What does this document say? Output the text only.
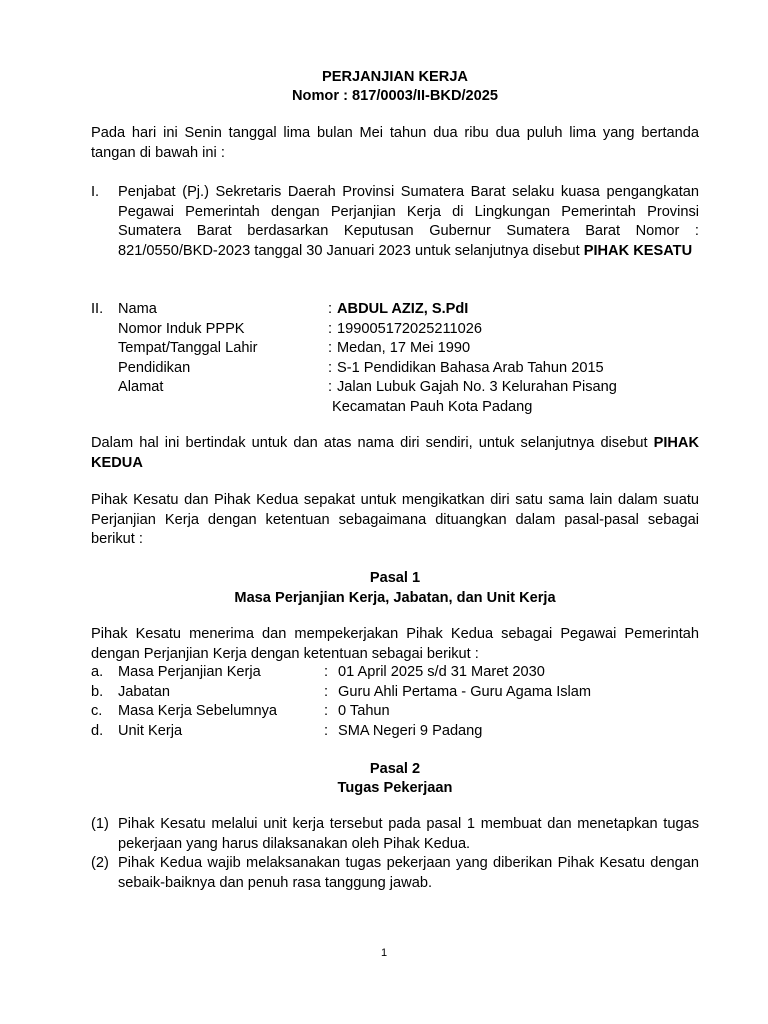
PERJANJIAN KERJA
Nomor : 817/0003/II-BKD/2025
Pada hari ini Senin tanggal lima bulan Mei tahun dua ribu dua puluh lima yang bertanda tangan di bawah ini :
I.	Penjabat (Pj.) Sekretaris Daerah Provinsi Sumatera Barat selaku kuasa pengangkatan Pegawai Pemerintah dengan Perjanjian Kerja di Lingkungan Pemerintah Provinsi Sumatera Barat berdasarkan Keputusan Gubernur Sumatera Barat Nomor : 821/0550/BKD-2023 tanggal 30 Januari 2023 untuk selanjutnya disebut PIHAK KESATU
II.	Nama	: ABDUL AZIZ, S.PdI
Nomor Induk PPPK	: 199005172025211026
Tempat/Tanggal Lahir	: Medan, 17 Mei 1990
Pendidikan	: S-1 Pendidikan Bahasa Arab Tahun 2015
Alamat	: Jalan Lubuk Gajah No. 3 Kelurahan Pisang
Kecamatan Pauh Kota Padang
Dalam hal ini bertindak untuk dan atas nama diri sendiri, untuk selanjutnya disebut PIHAK KEDUA
Pihak Kesatu dan Pihak Kedua sepakat untuk mengikatkan diri satu sama lain dalam suatu Perjanjian Kerja dengan ketentuan sebagaimana dituangkan dalam pasal-pasal sebagai berikut :
Pasal 1
Masa Perjanjian Kerja, Jabatan, dan Unit Kerja
Pihak Kesatu menerima dan mempekerjakan Pihak Kedua sebagai Pegawai Pemerintah dengan Perjanjian Kerja dengan ketentuan sebagai berikut :
a. Masa Perjanjian Kerja	: 01 April 2025 s/d 31 Maret 2030
b. Jabatan	: Guru Ahli Pertama - Guru Agama Islam
c. Masa Kerja Sebelumnya	: 0 Tahun
d. Unit Kerja	: SMA Negeri 9 Padang
Pasal 2
Tugas Pekerjaan
(1) Pihak Kesatu melalui unit kerja tersebut pada pasal 1 membuat dan menetapkan tugas pekerjaan yang harus dilaksanakan oleh Pihak Kedua.
(2) Pihak Kedua wajib melaksanakan tugas pekerjaan yang diberikan Pihak Kesatu dengan sebaik-baiknya dan penuh rasa tanggung jawab.
1
